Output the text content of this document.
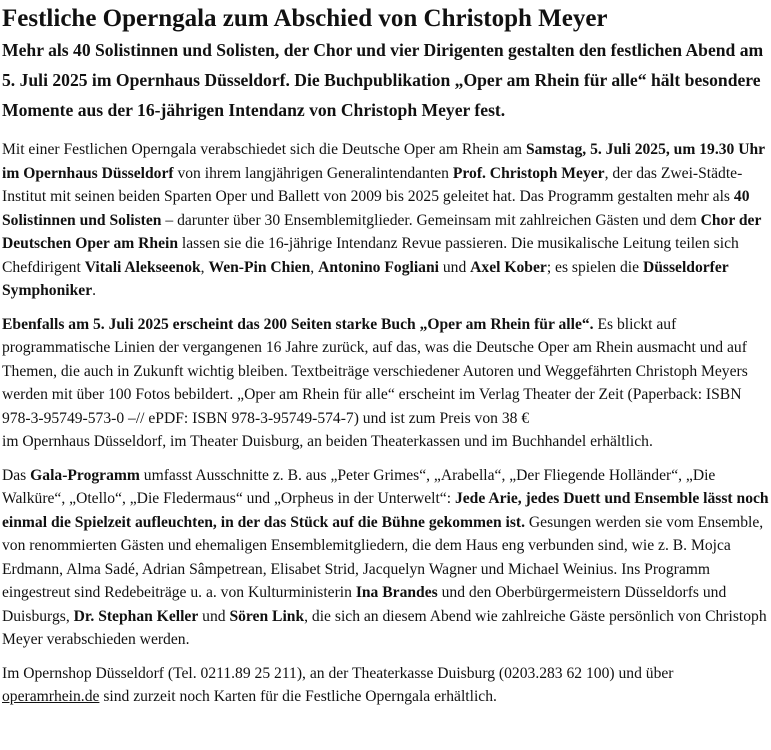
Festliche Operngala zum Abschied von Christoph Meyer

Mehr als 40 Solistinnen und Solisten, der Chor und vier Dirigenten gestalten den festlichen Abend am 5. Juli 2025 im Opernhaus Düsseldorf. Die Buchpublikation „Oper am Rhein für alle“ hält besondere Momente aus der 16-jährigen Intendanz von Christoph Meyer fest.

Mit einer Festlichen Operngala verabschiedet sich die Deutsche Oper am Rhein am Samstag, 5. Juli 2025, um 19.30 Uhr im Opernhaus Düsseldorf von ihrem langjährigen Generalintendanten Prof. Christoph Meyer, der das Zwei-Städte-Institut mit seinen beiden Sparten Oper und Ballett von 2009 bis 2025 geleitet hat. Das Programm gestalten mehr als 40 Solistinnen und Solisten – darunter über 30 Ensemblemitglieder. Gemeinsam mit zahlreichen Gästen und dem Chor der Deutschen Oper am Rhein lassen sie die 16-jährige Intendanz Revue passieren. Die musikalische Leitung teilen sich Chefdirigent Vitali Alekseenok, Wen-Pin Chien, Antonino Fogliani und Axel Kober; es spielen die Düsseldorfer Symphoniker.

Ebenfalls am 5. Juli 2025 erscheint das 200 Seiten starke Buch „Oper am Rhein für alle“. Es blickt auf programmatische Linien der vergangenen 16 Jahre zurück, auf das, was die Deutsche Oper am Rhein ausmacht und auf Themen, die auch in Zukunft wichtig bleiben. Textbeiträge verschiedener Autoren und Weggefährten Christoph Meyers werden mit über 100 Fotos bebildert. „Oper am Rhein für alle“ erscheint im Verlag Theater der Zeit (Paperback: ISBN 978-3-95749-573-0 –// ePDF: ISBN 978-3-95749-574-7) und ist zum Preis von 38 €
im Opernhaus Düsseldorf, im Theater Duisburg, an beiden Theaterkassen und im Buchhandel erhältlich.

Das Gala-Programm umfasst Ausschnitte z. B. aus „Peter Grimes“, „Arabella“, „Der Fliegende Holländer“, „Die Walküre“, „Otello“, „Die Fledermaus“ und „Orpheus in der Unterwelt“: Jede Arie, jedes Duett und Ensemble lässt noch einmal die Spielzeit aufleuchten, in der das Stück auf die Bühne gekommen ist. Gesungen werden sie vom Ensemble, von renommierten Gästen und ehemaligen Ensemblemitgliedern, die dem Haus eng verbunden sind, wie z. B. Mojca Erdmann, Alma Sadé, Adrian Sâmpetrean, Elisabet Strid, Jacquelyn Wagner und Michael Weinius. Ins Programm eingestreut sind Redebeiträge u. a. von Kulturministerin Ina Brandes und den Oberbürgermeistern Düsseldorfs und Duisburgs, Dr. Stephan Keller und Sören Link, die sich an diesem Abend wie zahlreiche Gäste persönlich von Christoph Meyer verabschieden werden.

Im Opernshop Düsseldorf (Tel. 0211.89 25 211), an der Theaterkasse Duisburg (0203.283 62 100) und über operamrhein.de sind zurzeit noch Karten für die Festliche Operngala erhältlich.
